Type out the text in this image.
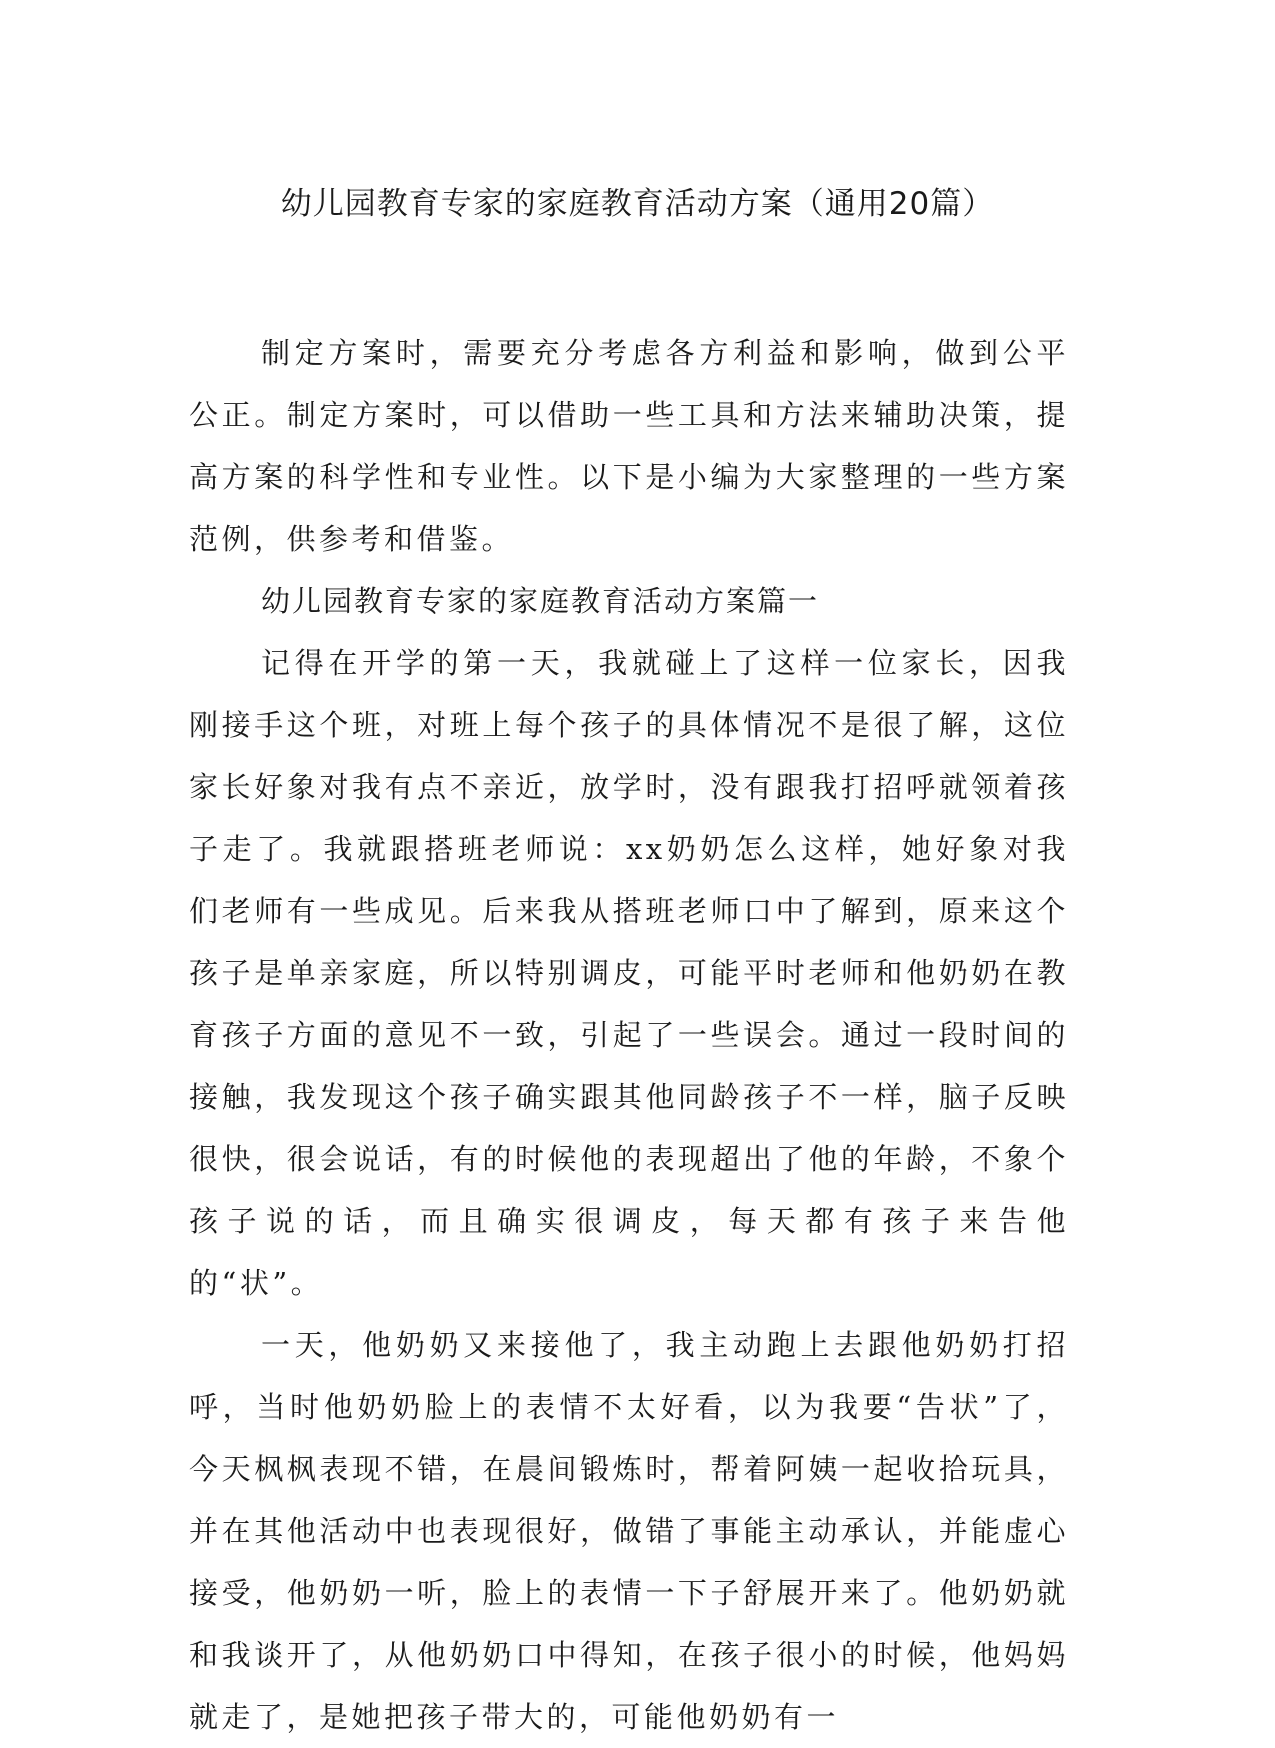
幼儿园教育专家的家庭教育活动方案（通用20篇）

制定方案时，需要充分考虑各方利益和影响，做到公平公正。制定方案时，可以借助一些工具和方法来辅助决策，提高方案的科学性和专业性。以下是小编为大家整理的一些方案范例，供参考和借鉴。

幼儿园教育专家的家庭教育活动方案篇一

记得在开学的第一天，我就碰上了这样一位家长，因我刚接手这个班，对班上每个孩子的具体情况不是很了解，这位家长好象对我有点不亲近，放学时，没有跟我打招呼就领着孩子走了。我就跟搭班老师说：xx奶奶怎么这样，她好象对我们老师有一些成见。后来我从搭班老师口中了解到，原来这个孩子是单亲家庭，所以特别调皮，可能平时老师和他奶奶在教育孩子方面的意见不一致，引起了一些误会。通过一段时间的接触，我发现这个孩子确实跟其他同龄孩子不一样，脑子反映很快，很会说话，有的时候他的表现超出了他的年龄，不象个孩子说的话，而且确实很调皮，每天都有孩子来告他的“状”。

一天，他奶奶又来接他了，我主动跑上去跟他奶奶打招呼，当时他奶奶脸上的表情不太好看，以为我要“告状”了，今天枫枫表现不错，在晨间锻炼时，帮着阿姨一起收拾玩具，并在其他活动中也表现很好，做错了事能主动承认，并能虚心接受，他奶奶一听，脸上的表情一下子舒展开来了。他奶奶就和我谈开了，从他奶奶口中得知，在孩子很小的时候，他妈妈就走了，是她把孩子带大的，可能他奶奶有一
